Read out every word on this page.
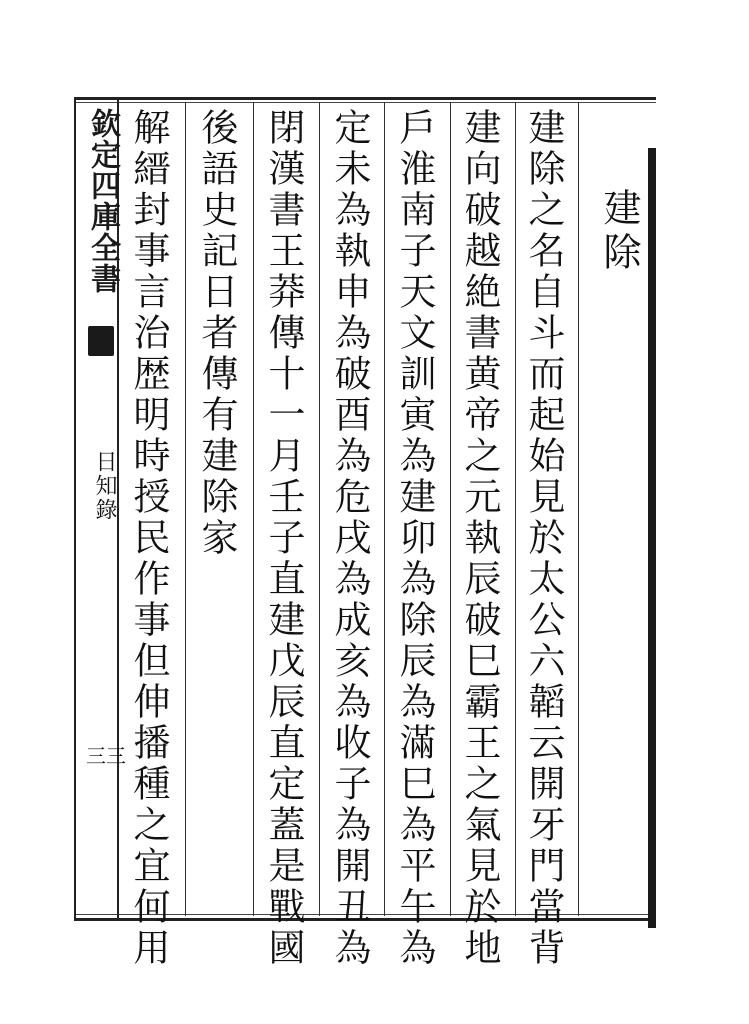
欽定四庫全書
日知錄
三三
建除
建除之名自斗而起始見於太公六韜云開牙門當背
建向破越絶書黄帝之元執辰破巳霸王之氣見於地
戶淮南子天文訓寅為建卯為除辰為滿巳為平午為
定未為執申為破酉為危戌為成亥為收子為開丑為
閉漢書王莽傳十一月壬子直建戊辰直定蓋是戰國
後語史記日者傳有建除家
解縉封事言治歴明時授民作事但伸播種之宜何用
